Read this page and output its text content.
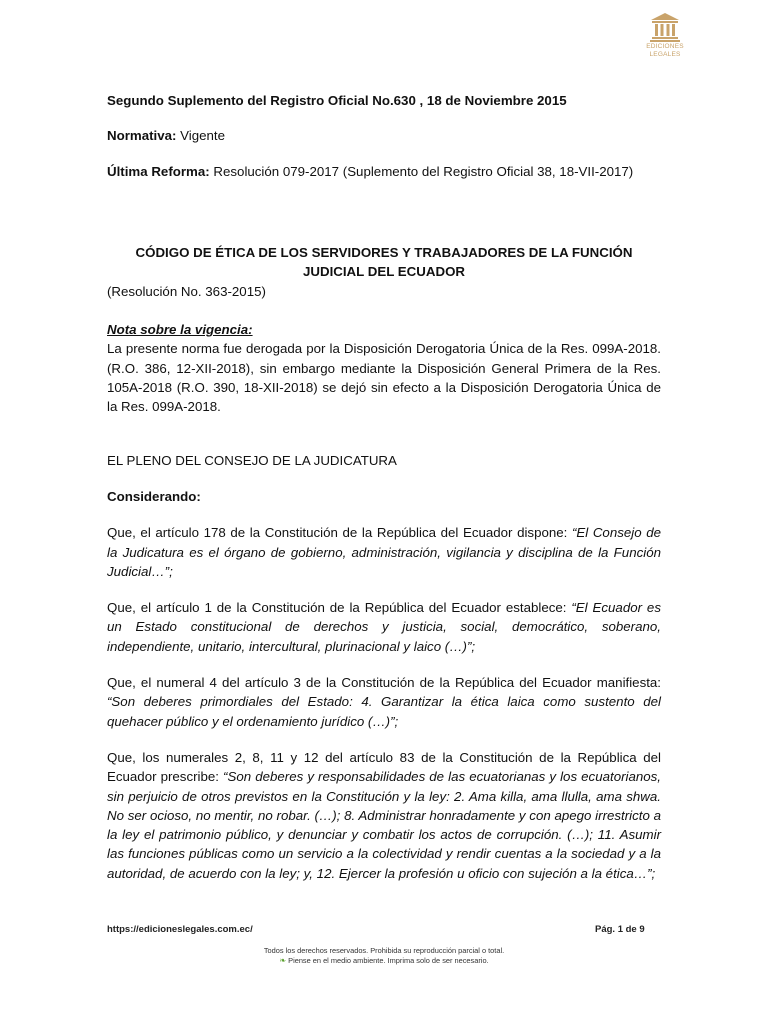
EDICIONES
LEGALES

Segundo Suplemento del Registro Oficial No.630 , 18 de Noviembre 2015

Normativa: Vigente

Última Reforma: Resolución 079-2017 (Suplemento del Registro Oficial 38, 18-VII-2017)

CÓDIGO DE ÉTICA DE LOS SERVIDORES Y TRABAJADORES DE LA FUNCIÓN JUDICIAL DEL ECUADOR

(Resolución No. 363-2015)

Nota sobre la vigencia:

La presente norma fue derogada por la Disposición Derogatoria Única de la Res. 099A-2018. (R.O. 386, 12-XII-2018), sin embargo mediante la Disposición General Primera de la Res. 105A-2018 (R.O. 390, 18-XII-2018) se dejó sin efecto a la Disposición Derogatoria Única de la Res. 099A-2018.

EL PLENO DEL CONSEJO DE LA JUDICATURA

Considerando:

Que, el artículo 178 de la Constitución de la República del Ecuador dispone: “El Consejo de la Judicatura es el órgano de gobierno, administración, vigilancia y disciplina de la Función Judicial…”;

Que, el artículo 1 de la Constitución de la República del Ecuador establece: “El Ecuador es un Estado constitucional de derechos y justicia, social, democrático, soberano, independiente, unitario, intercultural, plurinacional y laico (…)”;

Que, el numeral 4 del artículo 3 de la Constitución de la República del Ecuador manifiesta: “Son deberes primordiales del Estado: 4. Garantizar la ética laica como sustento del quehacer público y el ordenamiento jurídico (…)”;

Que, los numerales 2, 8, 11 y 12 del artículo 83 de la Constitución de la República del Ecuador prescribe: “Son deberes y responsabilidades de las ecuatorianas y los ecuatorianos, sin perjuicio de otros previstos en la Constitución y la ley: 2. Ama killa, ama llulla, ama shwa. No ser ocioso, no mentir, no robar. (…); 8. Administrar honradamente y con apego irrestricto a la ley el patrimonio público, y denunciar y combatir los actos de corrupción. (…); 11. Asumir las funciones públicas como un servicio a la colectividad y rendir cuentas a la sociedad y a la autoridad, de acuerdo con la ley; y, 12. Ejercer la profesión u oficio con sujeción a la ética…”;

https://edicioneslegales.com.ec/	Pág. 1 de 9
Todos los derechos reservados. Prohibida su reproducción parcial o total.
❧ Piense en el medio ambiente. Imprima solo de ser necesario.
